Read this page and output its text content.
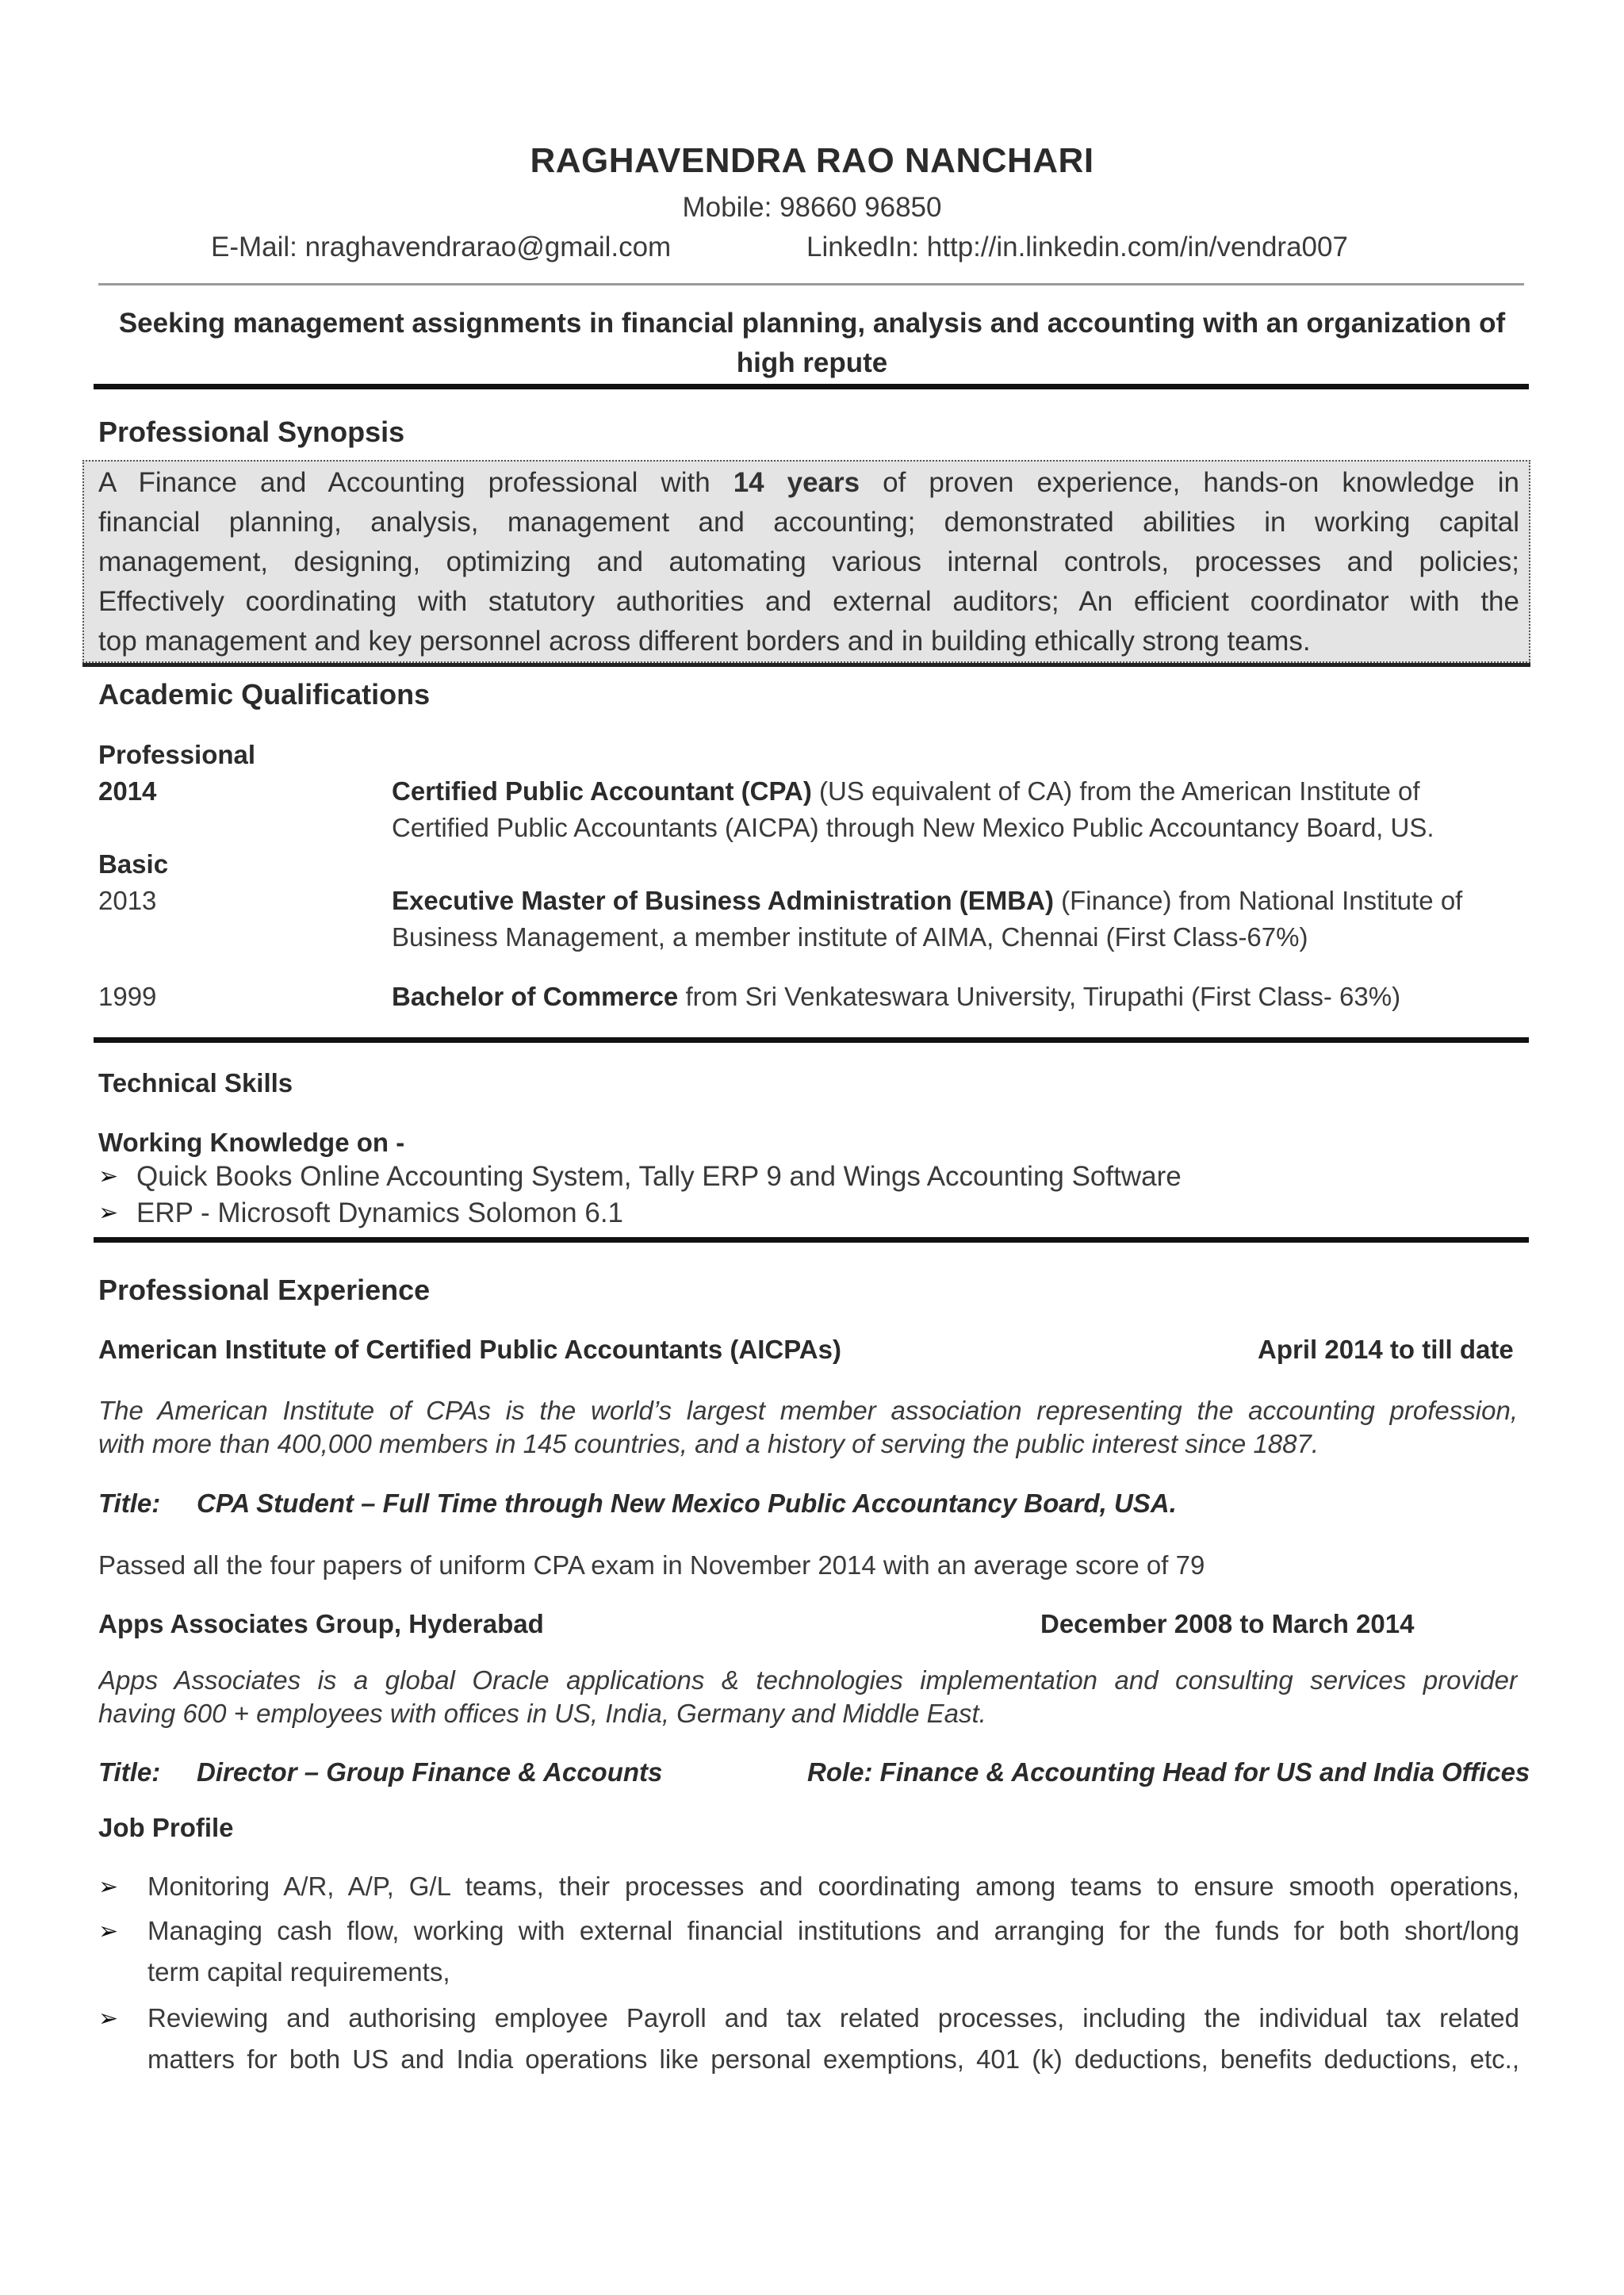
RAGHAVENDRA RAO NANCHARI
Mobile: 98660 96850
E-Mail: nraghavendrarao@gmail.com	LinkedIn: http://in.linkedin.com/in/vendra007
Seeking management assignments in financial planning, analysis and accounting with an organization of high repute
Professional Synopsis
A Finance and Accounting professional with 14 years of proven experience, hands-on knowledge in
financial planning, analysis, management and accounting; demonstrated abilities in working capital
management, designing, optimizing and automating various internal controls, processes and policies;
Effectively coordinating with statutory authorities and external auditors; An efficient coordinator with the
top management and key personnel across different borders and in building ethically strong teams.
Academic Qualifications
Professional
2014	Certified Public Accountant (CPA) (US equivalent of CA) from the American Institute of
Certified Public Accountants (AICPA) through New Mexico Public Accountancy Board, US.
Basic
2013	Executive Master of Business Administration (EMBA) (Finance) from National Institute of
Business Management, a member institute of AIMA, Chennai (First Class-67%)
1999	Bachelor of Commerce from Sri Venkateswara University, Tirupathi (First Class- 63%)
Technical Skills
Working Knowledge on -
➢ Quick Books Online Accounting System, Tally ERP 9 and Wings Accounting Software
➢ ERP - Microsoft Dynamics Solomon 6.1
Professional Experience
American Institute of Certified Public Accountants (AICPAs)	April 2014 to till date
The American Institute of CPAs is the world’s largest member association representing the accounting profession,
with more than 400,000 members in 145 countries, and a history of serving the public interest since 1887.
Title: CPA Student – Full Time through New Mexico Public Accountancy Board, USA.
Passed all the four papers of uniform CPA exam in November 2014 with an average score of 79
Apps Associates Group, Hyderabad	December 2008 to March 2014
Apps Associates is a global Oracle applications & technologies implementation and consulting services provider
having 600 + employees with offices in US, India, Germany and Middle East.
Title: Director – Group Finance & Accounts	Role: Finance & Accounting Head for US and India Offices
Job Profile
➢ Monitoring A/R, A/P, G/L teams, their processes and coordinating among teams to ensure smooth operations,
➢ Managing cash flow, working with external financial institutions and arranging for the funds for both short/long
term capital requirements,
➢ Reviewing and authorising employee Payroll and tax related processes, including the individual tax related
matters for both US and India operations like personal exemptions, 401 (k) deductions, benefits deductions, etc.,
